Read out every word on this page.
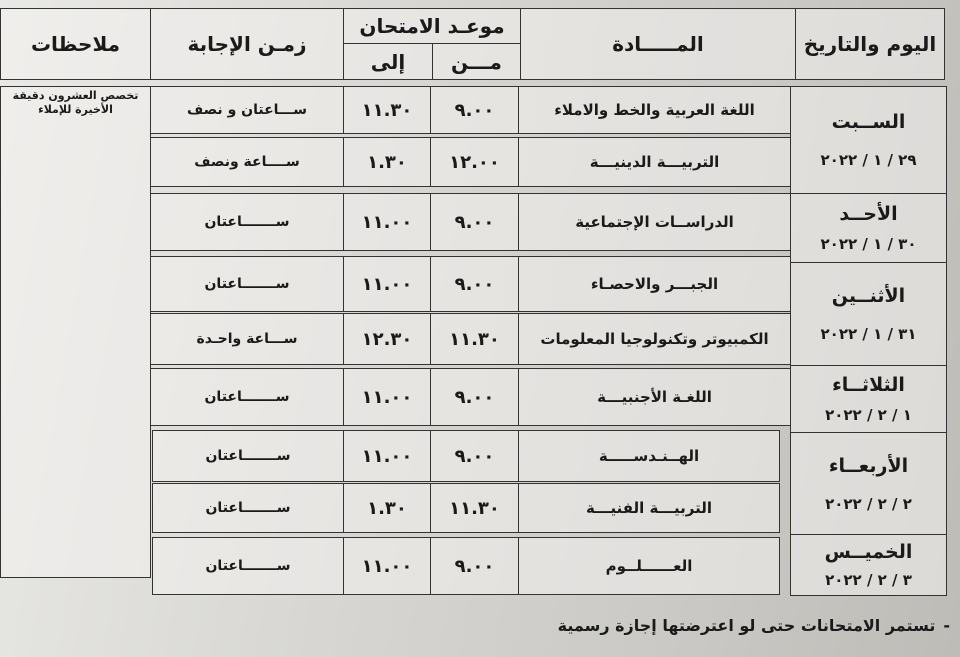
اليوم والتاريخ
المـــــادة
موعـد الامتحان
مـــن
إلى
زمـن الإجابة
ملاحظات
تخصص العشرون دقيقة الأخيرة للإملاء
الســبت
٢٩ / ١ / ٢٠٢٢
الأحــد
٣٠ / ١ / ٢٠٢٢
الأثنــين
٣١ / ١ / ٢٠٢٢
الثلاثــاء
١ / ٢ / ٢٠٢٢
الأربعــاء
٢ / ٢ / ٢٠٢٢
الخميــس
٣ / ٢ / ٢٠٢٢
اللغة العربية والخط والاملاء
٩.٠٠
١١.٣٠
ســـاعتان و نصف
التربيـــة الدينيـــة
١٢.٠٠
١.٣٠
ســــاعة ونصف
الدراســات الإجتماعية
٩.٠٠
١١.٠٠
ســـــــاعتان
الجبـــر والاحصـاء
٩.٠٠
١١.٠٠
ســـــــاعتان
الكمبيوتر وتكنولوجيا المعلومات
١١.٣٠
١٢.٣٠
ســـاعة واحـدة
اللغـة الأجنبيـــة
٩.٠٠
١١.٠٠
ســـــــاعتان
الهــنـدســـــة
٩.٠٠
١١.٠٠
ســـــــاعتان
التربيـــة الفنيـــة
١١.٣٠
١.٣٠
ســـــــاعتان
العــــــلــوم
٩.٠٠
١١.٠٠
ســـــــاعتان
-تستمر الامتحانات حتى لو اعترضتها إجازة رسمية
